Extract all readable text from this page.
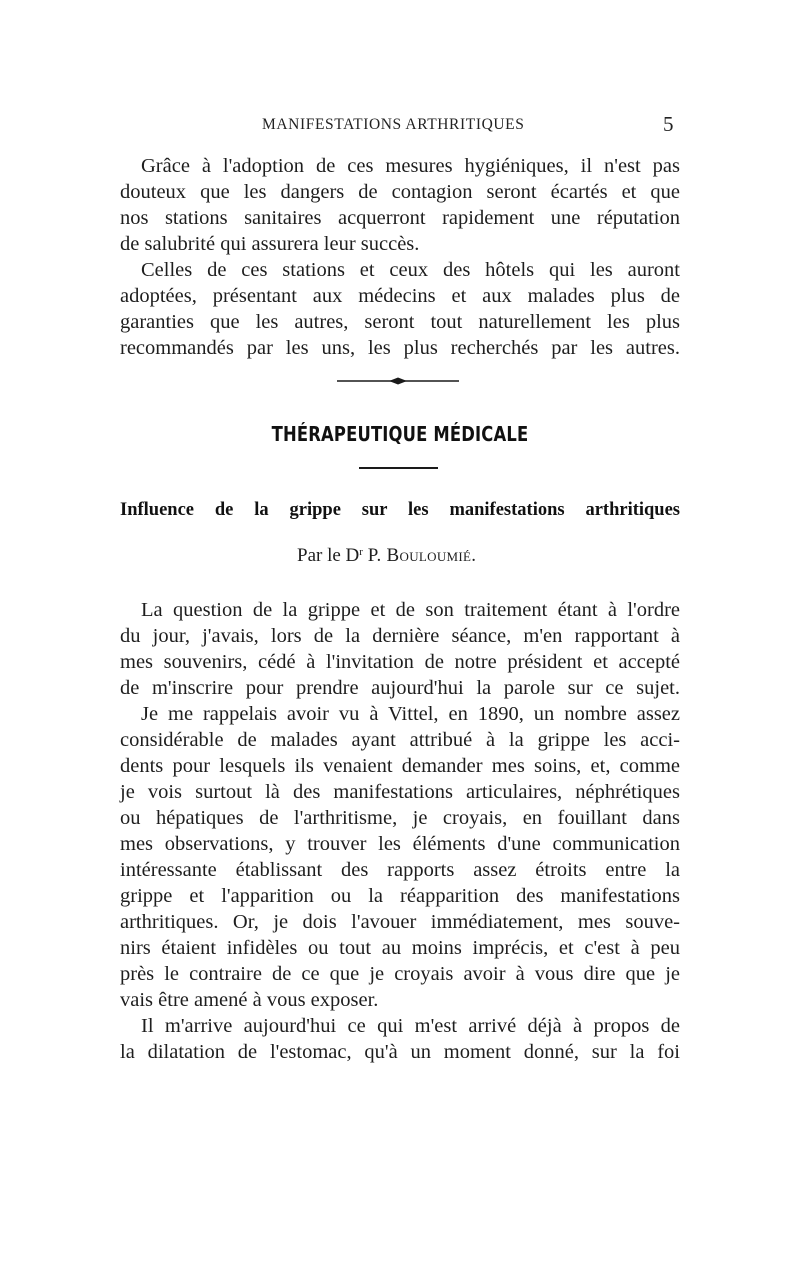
MANIFESTATIONS ARTHRITIQUES	5
Grâce à l'adoption de ces mesures hygiéniques, il n'est pas
douteux que les dangers de contagion seront écartés et que
nos stations sanitaires acquerront rapidement une réputation
de salubrité qui assurera leur succès.
Celles de ces stations et ceux des hôtels qui les auront
adoptées, présentant aux médecins et aux malades plus de
garanties que les autres, seront tout naturellement les plus
recommandés par les uns, les plus recherchés par les autres.
THÉRAPEUTIQUE MÉDICALE
Influence de la grippe sur les manifestations arthritiques
Par le $D^r$ P. Bouloumié.
La question de la grippe et de son traitement étant à l'ordre
du jour, j'avais, lors de la dernière séance, m'en rapportant à
mes souvenirs, cédé à l'invitation de notre président et accepté
de m'inscrire pour prendre aujourd'hui la parole sur ce sujet.
Je me rappelais avoir vu à Vittel, en 1890, un nombre assez
considérable de malades ayant attribué à la grippe les acci-
dents pour lesquels ils venaient demander mes soins, et, comme
je vois surtout là des manifestations articulaires, néphrétiques
ou hépatiques de l'arthritisme, je croyais, en fouillant dans
mes observations, y trouver les éléments d'une communication
intéressante établissant des rapports assez étroits entre la
grippe et l'apparition ou la réapparition des manifestations
arthritiques. Or, je dois l'avouer immédiatement, mes souve-
nirs étaient infidèles ou tout au moins imprécis, et c'est à peu
près le contraire de ce que je croyais avoir à vous dire que je
vais être amené à vous exposer.
Il m'arrive aujourd'hui ce qui m'est arrivé déjà à propos de
la dilatation de l'estomac, qu'à un moment donné, sur la foi
